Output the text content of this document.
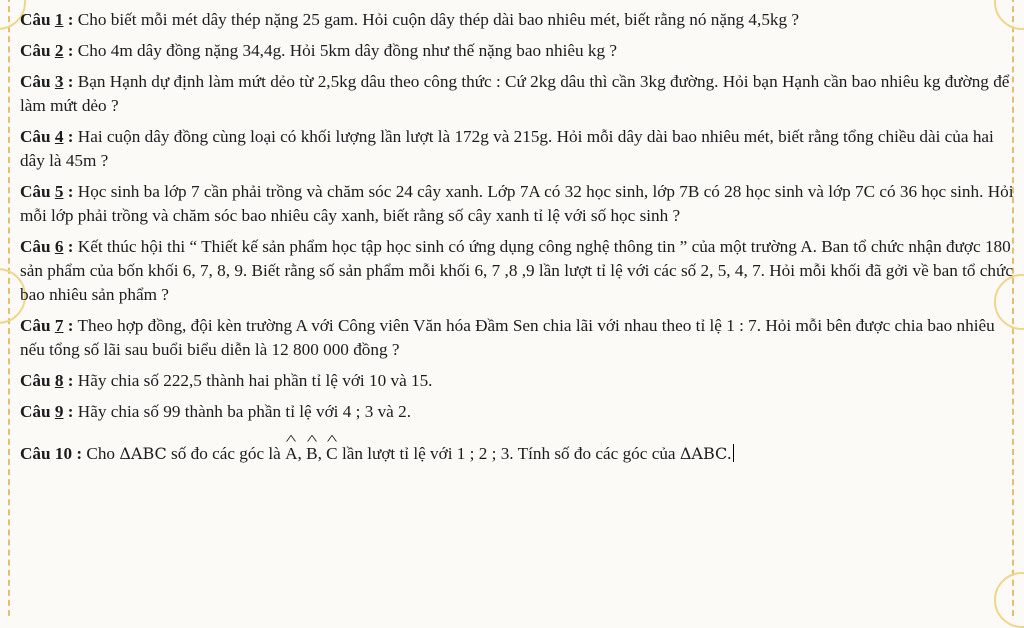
Câu 1 : Cho biết mỗi mét dây thép nặng 25 gam. Hỏi cuộn dây thép dài bao nhiêu mét, biết rằng nó nặng 4,5kg ?

Câu 2 : Cho 4m dây đồng nặng 34,4g. Hỏi 5km dây đồng như thế nặng bao nhiêu kg ?

Câu 3 : Bạn Hạnh dự định làm mứt dẻo từ 2,5kg dâu theo công thức : Cứ 2kg dâu thì cần 3kg đường. Hỏi bạn Hạnh cần bao nhiêu kg đường để làm mứt dẻo ?

Câu 4 : Hai cuộn dây đồng cùng loại có khối lượng lần lượt là 172g và 215g. Hỏi mỗi dây dài bao nhiêu mét, biết rằng tổng chiều dài của hai dây là 45m ?

Câu 5 : Học sinh ba lớp 7 cần phải trồng và chăm sóc 24 cây xanh. Lớp 7A có 32 học sinh, lớp 7B có 28 học sinh và lớp 7C có 36 học sinh. Hỏi mỗi lớp phải trồng và chăm sóc bao nhiêu cây xanh, biết rằng số cây xanh tỉ lệ với số học sinh ?

Câu 6 : Kết thúc hội thi “ Thiết kế sản phẩm học tập học sinh có ứng dụng công nghệ thông tin ” của một trường A. Ban tổ chức nhận được 180 sản phẩm của bốn khối 6, 7, 8, 9. Biết rằng số sản phẩm mỗi khối 6, 7 ,8 ,9 lần lượt tỉ lệ với các số 2, 5, 4, 7. Hỏi mỗi khối đã gởi về ban tổ chức bao nhiêu sản phẩm ?

Câu 7 : Theo hợp đồng, đội kèn trường A với Công viên Văn hóa Đầm Sen chia lãi với nhau theo tỉ lệ 1 : 7. Hỏi mỗi bên được chia bao nhiêu nếu tổng số lãi sau buổi biểu diễn là 12 800 000 đồng ?

Câu 8 : Hãy chia số 222,5 thành hai phần tỉ lệ với 10 và 15.

Câu 9 : Hãy chia số 99 thành ba phần tỉ lệ với 4 ; 3 và 2.

Câu 10 : Cho ΔABC số đo các góc là ^ A, ^ B, ^ C lần lượt tỉ lệ với 1 ; 2 ; 3. Tính số đo các góc của ΔABC.
